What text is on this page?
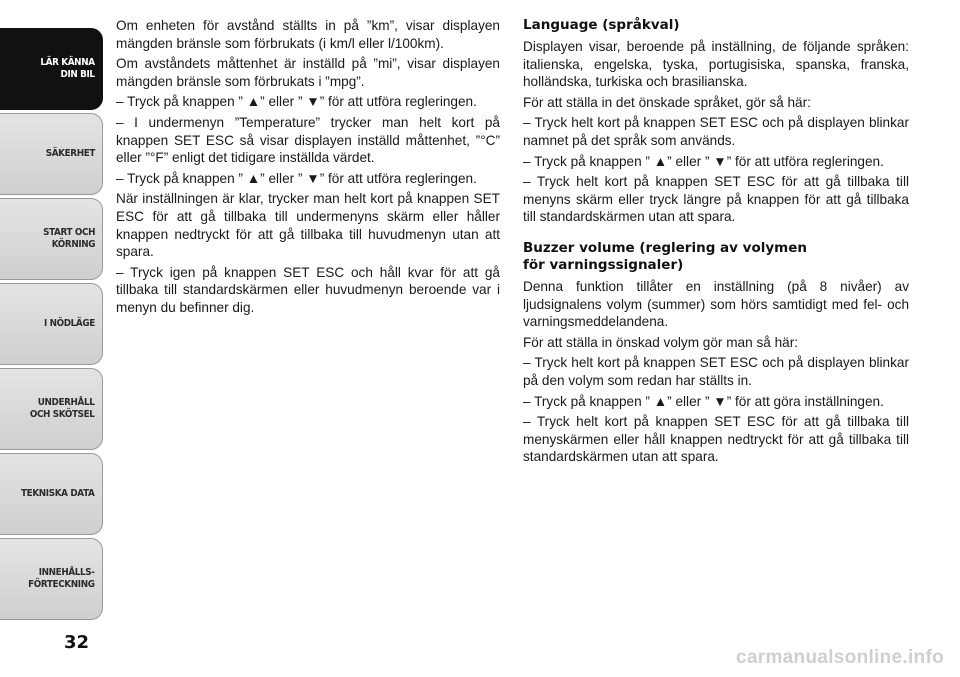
LÄR KÄNNA
DIN BIL
SÄKERHET
START OCH
KÖRNING
I NÖDLÄGE
UNDERHÅLL
OCH SKÖTSEL
TEKNISKA DATA
INNEHÅLLS-
FÖRTECKNING
32

Om enheten för avstånd ställts in på ”km”, visar displayen mängden bränsle som förbrukats (i km/l eller l/100km).

Om avståndets måttenhet är inställd på ”mi”, visar displayen mängden bränsle som förbrukats i ”mpg”.

– Tryck på knappen ” ▲” eller ” ▼” för att utföra regleringen.

– I undermenyn ”Temperature” trycker man helt kort på knappen SET ESC så visar displayen inställd måttenhet, ”°C” eller ”°F” enligt det tidigare inställda värdet.

– Tryck på knappen ” ▲” eller ” ▼” för att utföra regleringen.

När inställningen är klar, trycker man helt kort på knappen SET ESC för att gå tillbaka till undermenyns skärm eller håller knappen nedtryckt för att gå tillbaka till huvudmenyn utan att spara.

– Tryck igen på knappen SET ESC och håll kvar för att gå tillbaka till standardskärmen eller huvudmenyn beroende var i menyn du befinner dig.

Language (språkval)

Displayen visar, beroende på inställning, de följande språken: italienska, engelska, tyska, portugisiska, spanska, franska, holländska, turkiska och brasilianska.

För att ställa in det önskade språket, gör så här:

– Tryck helt kort på knappen SET ESC och på displayen blinkar namnet på det språk som används.

– Tryck på knappen ” ▲” eller ” ▼” för att utföra regleringen.

– Tryck helt kort på knappen SET ESC för att gå tillbaka till menyns skärm eller tryck längre på knappen för att gå tillbaka till standardskärmen utan att spara.

Buzzer volume (reglering av volymen
för varningssignaler)

Denna funktion tillåter en inställning (på 8 nivåer) av ljudsignalens volym (summer) som hörs samtidigt med fel- och varningsmeddelandena.

För att ställa in önskad volym gör man så här:

– Tryck helt kort på knappen SET ESC och på displayen blinkar på den volym som redan har ställts in.

– Tryck på knappen ” ▲” eller ” ▼” för att göra inställningen.

– Tryck helt kort på knappen SET ESC för att gå tillbaka till menyskärmen eller håll knappen nedtryckt för att gå tillbaka till standardskärmen utan att spara.

carmanualsonline.info
